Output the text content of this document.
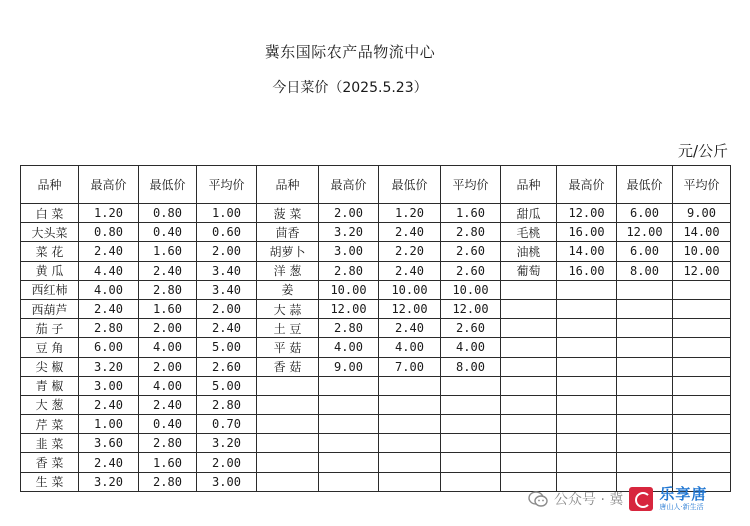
冀东国际农产品物流中心
今日菜价（2025.5.23）
元/公斤
品种	最高价	最低价	平均价	品种	最高价	最低价	平均价	品种	最高价	最低价	平均价
白 菜	1.20	0.80	1.00	菠 菜	2.00	1.20	1.60	甜瓜	12.00	6.00	9.00
大头菜	0.80	0.40	0.60	茴香	3.20	2.40	2.80	毛桃	16.00	12.00	14.00
菜 花	2.40	1.60	2.00	胡萝卜	3.00	2.20	2.60	油桃	14.00	6.00	10.00
黄 瓜	4.40	2.40	3.40	洋 葱	2.80	2.40	2.60	葡萄	16.00	8.00	12.00
西红柿	4.00	2.80	3.40	姜	10.00	10.00	10.00				
西葫芦	2.40	1.60	2.00	大 蒜	12.00	12.00	12.00				
茄 子	2.80	2.00	2.40	土 豆	2.80	2.40	2.60				
豆 角	6.00	4.00	5.00	平 菇	4.00	4.00	4.00				
尖 椒	3.20	2.00	2.60	香 菇	9.00	7.00	8.00				
青 椒	3.00	4.00	5.00								
大 葱	2.40	2.40	2.80								
芹 菜	1.00	0.40	0.70								
韭 菜	3.60	2.80	3.20								
香 菜	2.40	1.60	2.00								
生 菜	3.20	2.80	3.00								
公众号 · 冀 乐享唐
唐山人·新生活
